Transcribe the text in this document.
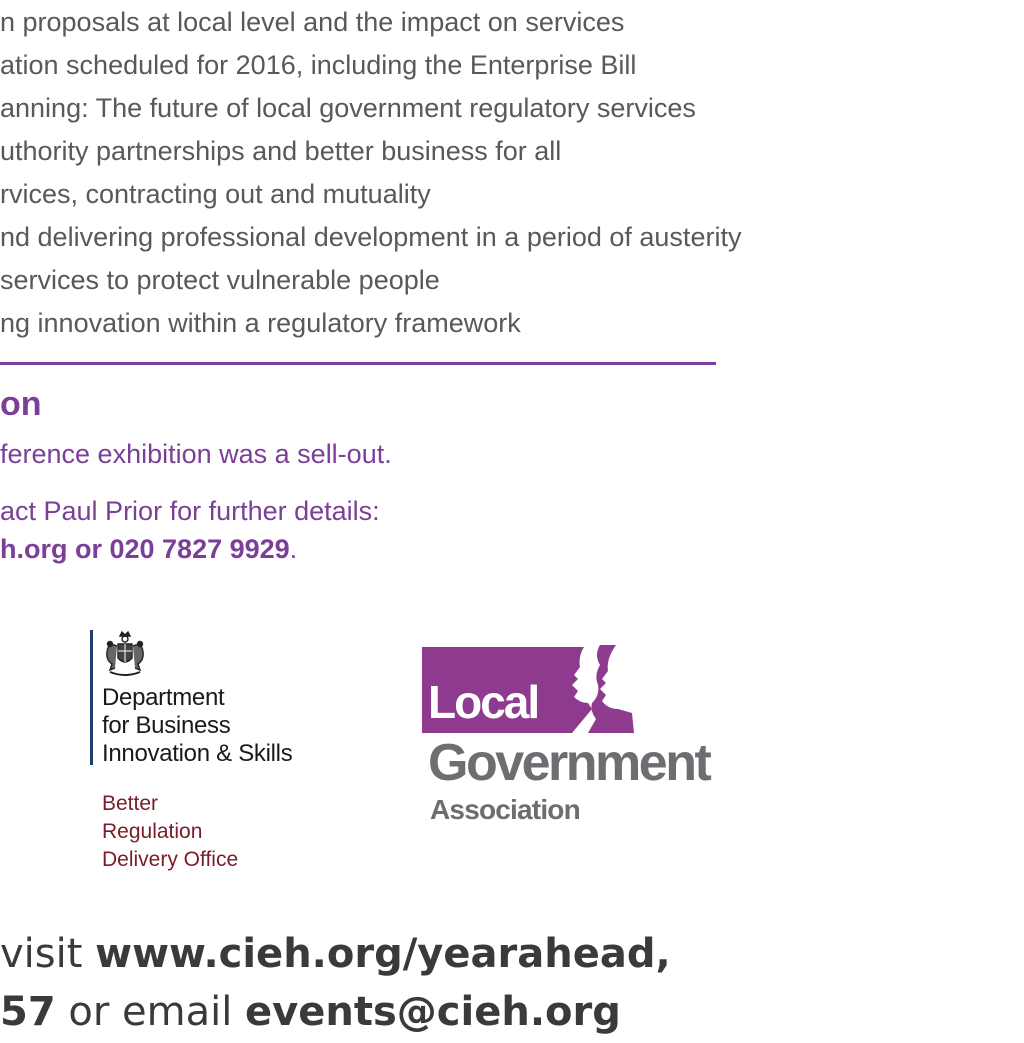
n proposals at local level and the impact on services
ation scheduled for 2016, including the Enterprise Bill
anning: The future of local government regulatory services
uthority partnerships and better business for all
rvices, contracting out and mutuality
nd delivering professional development in a period of austerity
services to protect vulnerable people
ng innovation within a regulatory framework
on
ference exhibition was a sell-out.
act Paul Prior for further details:
h.org or 020 7827 9929.
Department
for Business
Innovation & Skills
Better
Regulation
Delivery Office
Local
Government
Association
visit www.cieh.org/yearahead,
57 or email events@cieh.org
